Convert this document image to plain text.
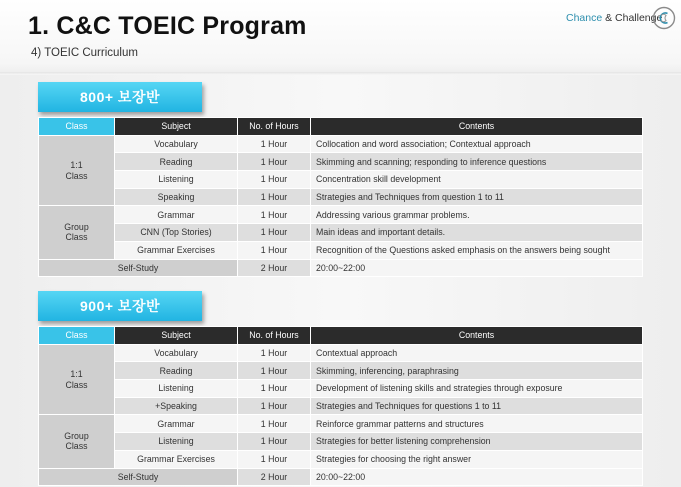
1. C&C TOEIC Program
4) TOEIC Curriculum
Chance & Challenge
800+ 보장반
Class	Subject	No. of Hours	Contents
1:1
Class	Vocabulary	1 Hour	Collocation and word association; Contextual approach
	Reading	1 Hour	Skimming and scanning; responding to inference questions
	Listening	1 Hour	Concentration skill development
	Speaking	1 Hour	Strategies and Techniques from question 1 to 11
Group
Class	Grammar	1 Hour	Addressing various grammar problems.
	CNN (Top Stories)	1 Hour	Main ideas and important details.
	Grammar Exercises	1 Hour	Recognition of the Questions asked emphasis on the answers being sought
Self-Study		2 Hour	20:00~22:00
900+ 보장반
Class	Subject	No. of Hours	Contents
1:1
Class	Vocabulary	1 Hour	Contextual approach
	Reading	1 Hour	Skimming, inferencing, paraphrasing
	Listening	1 Hour	Development of listening skills and strategies through exposure
	+Speaking	1 Hour	Strategies and Techniques for questions 1 to 11
Group
Class	Grammar	1 Hour	Reinforce grammar patterns and structures
	Listening	1 Hour	Strategies for better listening comprehension
	Grammar Exercises	1 Hour	Strategies for choosing the right answer
Self-Study		2 Hour	20:00~22:00
